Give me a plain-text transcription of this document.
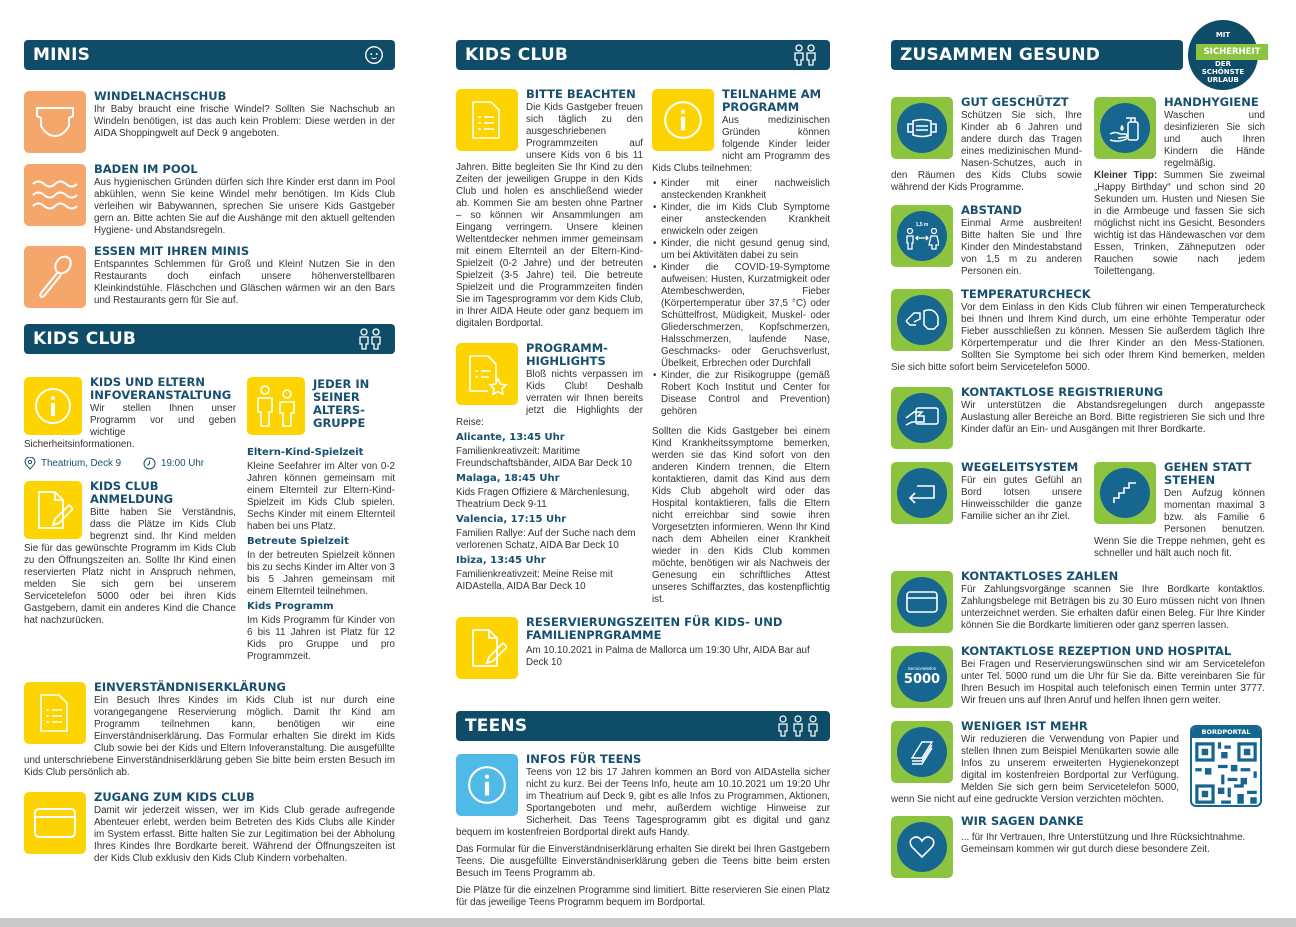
MINIS
WINDELNACHSCHUB

Ihr Baby braucht eine frische Windel? Sollten Sie Nachschub an Windeln benötigen, ist das auch kein Problem: Diese werden in der AIDA Shoppingwelt auf Deck 9 angeboten.

BADEN IM POOL

Aus hygienischen Gründen dürfen sich Ihre Kinder erst dann im Pool abkühlen, wenn Sie keine Windel mehr benötigen. Im Kids Club verleihen wir Babywannen, sprechen Sie unsere Kids Gastgeber gern an. Bitte achten Sie auf die Aushänge mit den aktuell geltenden Hygiene- und Abstandsregeln.

ESSEN MIT IHREN MINIS

Entspanntes Schlemmen für Groß und Klein! Nutzen Sie in den Restaurants doch einfach unsere höhenverstellbaren Kleinkindstühle. Fläschchen und Gläschen wärmen wir an den Bars und Restaurants gern für Sie auf.

KIDS CLUB
KIDS UND ELTERN INFOVERANSTALTUNG

Wir stellen Ihnen unser Programm vor und geben wichtige Sicherheitsinformationen.

Theatrium, Deck 9	19:00 Uhr
KIDS CLUB ANMELDUNG

Bitte haben Sie Verständnis, dass die Plätze im Kids Club begrenzt sind. Ihr Kind melden Sie für das gewünschte Programm im Kids Club zu den Öffnungszeiten an. Sollte Ihr Kind einen reservierten Platz nicht in Anspruch nehmen, melden Sie sich gern bei unserem Servicetelefon 5000 oder bei ihren Kids Gastgebern, damit ein anderes Kind die Chance hat nachzurücken.

JEDER IN SEINER ALTERS-GRUPPE
Eltern-Kind-Spielzeit

Kleine Seefahrer im Alter von 0-2 Jahren können gemeinsam mit einem Elternteil zur Eltern-Kind-Spielzeit im Kids Club spielen. Sechs Kinder mit einem Elternteil haben bei uns Platz.

Betreute Spielzeit

In der betreuten Spielzeit können bis zu sechs Kinder im Alter von 3 bis 5 Jahren gemeinsam mit einem Elternteil teilnehmen.

Kids Programm

Im Kids Programm für Kinder von 6 bis 11 Jahren ist Platz für 12 Kids pro Gruppe und pro Programmzeit.

EINVERSTÄNDNISERKLÄRUNG

Ein Besuch Ihres Kindes im Kids Club ist nur durch eine vorangegangene Reservierung möglich. Damit Ihr Kind am Programm teilnehmen kann, benötigen wir eine Einverständniserklärung. Das Formular erhalten Sie direkt im Kids Club sowie bei der Kids und Eltern Infoveranstaltung. Die ausgefüllte und unterschriebene Einverständniserklärung geben Sie bitte beim ersten Besuch im Kids Club persönlich ab.

ZUGANG ZUM KIDS CLUB

Damit wir jederzeit wissen, wer im Kids Club gerade aufregende Abenteuer erlebt, werden beim Betreten des Kids Clubs alle Kinder im System erfasst. Bitte halten Sie zur Legitimation bei der Abholung Ihres Kindes Ihre Bordkarte bereit. Während der Öffnungszeiten ist der Kids Club exklusiv den Kids Club Kindern vorbehalten.

KIDS CLUB
BITTE BEACHTEN

Die Kids Gastgeber freuen sich täglich zu den ausgeschriebenen Programmzeiten auf unsere Kids von 6 bis 11 Jahren. Bitte begleiten Sie Ihr Kind zu den Zeiten der jeweiligen Gruppe in den Kids Club und holen es anschließend wieder ab. Kommen Sie am besten ohne Partner – so können wir Ansammlungen am Eingang verringern. Unsere kleinen Weltentdecker nehmen immer gemeinsam mit einem Elternteil an der Eltern-Kind-Spielzeit (0-2 Jahre) und der betreuten Spielzeit (3-5 Jahre) teil. Die betreute Spielzeit und die Programmzeiten finden Sie im Tagesprogramm vor dem Kids Club, in Ihrer AIDA Heute oder ganz bequem im digitalen Bordportal.

PROGRAMM-HIGHLIGHTS

Bloß nichts verpassen im Kids Club! Deshalb verraten wir Ihnen bereits jetzt die Highlights der Reise:

Alicante, 13:45 Uhr

Familienkreativzeit: Maritime Freundschaftsbänder, AIDA Bar Deck 10

Malaga, 18:45 Uhr

Kids Fragen Offiziere & Märchenlesung, Theatrium Deck 9-11

Valencia, 17:15 Uhr

Familien Rallye: Auf der Suche nach dem verlorenen Schatz, AIDA Bar Deck 10

Ibiza, 13:45 Uhr

Familienkreativzeit: Meine Reise mit AIDAstella, AIDA Bar Deck 10

TEILNAHME AM PROGRAMM

Aus medizinischen Gründen können folgende Kinder leider nicht am Programm des Kids Clubs teilnehmen:

• Kinder mit einer nachweislich ansteckenden Krankheit
• Kinder, die im Kids Club Symptome einer ansteckenden Krankheit enwickeln oder zeigen
• Kinder, die nicht gesund genug sind, um bei Aktivitäten dabei zu sein
• Kinder die COVID-19-Symptome aufweisen: Husten, Kurzatmigkeit oder Atembeschwerden, Fieber (Körpertemperatur über 37,5 °C) oder Schüttelfrost, Müdigkeit, Muskel- oder Gliederschmerzen, Kopfschmerzen, Halsschmerzen, laufende Nase, Geschmacks- oder Geruchsverlust, Übelkeit, Erbrechen oder Durchfall
• Kinder, die zur Risikogruppe (gemäß Robert Koch Institut und Center for Disease Control and Prevention) gehören

Sollten die Kids Gastgeber bei einem Kind Krankheitssymptome bemerken, werden sie das Kind sofort von den anderen Kindern trennen, die Eltern kontaktieren, damit das Kind aus dem Kids Club abgeholt wird oder das Hospital kontaktieren, falls die Eltern nicht erreichbar sind sowie ihren Vorgesetzten informieren. Wenn Ihr Kind nach dem Abheilen einer Krankheit wieder in den Kids Club kommen möchte, benötigen wir als Nachweis der Genesung ein schriftliches Attest unseres Schiffarztes, das kostenpflichtig ist.

RESERVIERUNGSZEITEN FÜR KIDS- UND FAMILIENPRGRAMME

Am 10.10.2021 in Palma de Mallorca um 19:30 Uhr, AIDA Bar auf Deck 10

TEENS
INFOS FÜR TEENS

Teens von 12 bis 17 Jahren kommen an Bord von AIDAstella sicher nicht zu kurz. Bei der Teens Info, heute am 10.10.2021 um 19:20 Uhr im Theatrium auf Deck 9, gibt es alle Infos zu Programmen, Aktionen, Sportangeboten und mehr, außerdem wichtige Hinweise zur Sicherheit. Das Teens Tagesprogramm gibt es digital und ganz bequem im kostenfreien Bordportal direkt aufs Handy.

Das Formular für die Einverständniserklärung erhalten Sie direkt bei Ihren Gastgebern Teens. Die ausgefüllte Einverständniserklärung geben die Teens bitte beim ersten Besuch im Teens Programm ab.

Die Plätze für die einzelnen Programme sind limitiert. Bitte reservieren Sie einen Platz für das jeweilige Teens Programm bequem im Bordportal.

MIT
DER SCHÖNSTE URLAUB
SICHERHEIT
ZUSAMMEN GESUND BLEIBEN
GUT GESCHÜTZT

Schützen Sie sich, Ihre Kinder ab 6 Jahren und andere durch das Tragen eines medizinischen Mund-Nasen-Schutzes, auch in den Räumen des Kids Clubs sowie während der Kids Programme.

1,5 m
ABSTAND

Einmal Arme ausbreiten! Bitte halten Sie und Ihre Kinder den Mindestabstand von 1,5 m zu anderen Personen ein.

HANDHYGIENE

Waschen und desinfizieren Sie sich und auch Ihren Kindern die Hände regelmäßig.

Kleiner Tipp: Summen Sie zweimal „Happy Birthday“ und schon sind 20 Sekunden um. Husten und Niesen Sie in die Armbeuge und fassen Sie sich möglichst nicht ins Gesicht. Besonders wichtig ist das Händewaschen vor dem Essen, Trinken, Zähneputzen oder Rauchen sowie nach jedem Toilettengang.

TEMPERATURCHECK

Vor dem Einlass in den Kids Club führen wir einen Temperaturcheck bei Ihnen und Ihrem Kind durch, um eine erhöhte Temperatur oder Fieber ausschließen zu können. Messen Sie außerdem täglich Ihre Körpertemperatur und die Ihrer Kinder an den Mess-Stationen. Sollten Sie Symptome bei sich oder Ihrem Kind bemerken, melden Sie sich bitte sofort beim Servicetelefon 5000.

KONTAKTLOSE REGISTRIERUNG

Wir unterstützen die Abstandsregelungen durch angepasste Auslastung aller Bereiche an Bord. Bitte registrieren Sie sich und Ihre Kinder dafür an Ein- und Ausgängen mit Ihrer Bordkarte.

WEGELEITSYSTEM

Für ein gutes Gefühl an Bord lotsen unsere Hinweisschilder die ganze Familie sicher an ihr Ziel.

GEHEN STATT STEHEN

Den Aufzug können momentan maximal 3 bzw. als Familie 6 Personen benutzen. Wenn Sie die Treppe nehmen, geht es schneller und hält auch noch fit.

KONTAKTLOSES ZAHLEN

Für Zahlungsvorgänge scannen Sie Ihre Bordkarte kontaktlos. Zahlungsbelege mit Beträgen bis zu 30 Euro müssen nicht von Ihnen unterzeichnet werden. Sie erhalten dafür einen Beleg. Für Ihre Kinder können Sie die Bordkarte limitieren oder ganz sperren lassen.

Servicetelefon
5000
KONTAKTLOSE REZEPTION UND HOSPITAL

Bei Fragen und Reservierungswünschen sind wir am Servicetelefon unter Tel. 5000 rund um die Uhr für Sie da. Bitte vereinbaren Sie für Ihren Besuch im Hospital auch telefonisch einen Termin unter 3777. Wir freuen uns auf Ihren Anruf und helfen Ihnen gern weiter.

WENIGER IST MEHR

Wir reduzieren die Verwendung von Papier und stellen Ihnen zum Beispiel Menükarten sowie alle Infos zu unserem erweiterten Hygienekonzept digital im kostenfreien Bordportal zur Verfügung. Melden Sie sich gern beim Servicetelefon 5000, wenn Sie nicht auf eine gedruckte Version verzichten möchten.

BORDPORTAL
WIR SAGEN DANKE

... für Ihr Vertrauen, Ihre Unterstützung und Ihre Rücksichtnahme. Gemeinsam kommen wir gut durch diese besondere Zeit.
